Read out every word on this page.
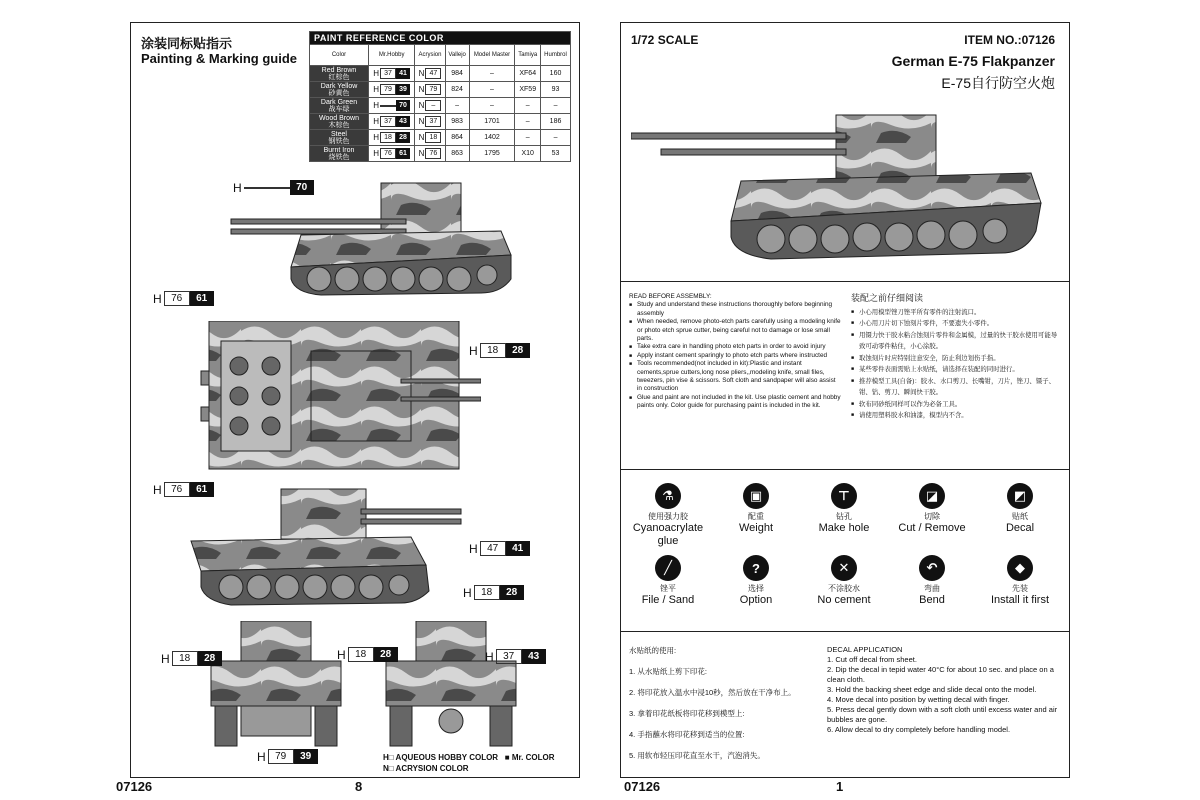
涂装同标贴指示
Painting & Marking guide
PAINT REFERENCE COLOR						
Color	Mr.Hobby	Acrysion	Vallejo	Model Master	Tamiya	Humbrol
Red Brown
红棕色	H 37 41	N 47	984	–	XF64	160
Dark Yellow
砂黄色	H 79 39	N 79	824	–	XF59	93
Dark Green
战车绿	H 70	N –	–	–	–	–
Wood Brown
木棕色	H 37 43	N 37	983	1701	–	186
Steel
钢铁色	H 18 28	N 18	864	1402	–	–
Burnt Iron
烧铁色	H 76 61	N 76	863	1795	X10	53
H	70
H 76	61
H 18	28
H 76	61
H 47	41
H 18	28
H 18	28	H 18	28	H 37	43
H 79	39	H□ AQUEOUS HOBBY COLOR   ■ Mr. COLOR
N□ ACRYSION COLOR
07126	8
1/72 SCALE	ITEM NO.:07126
German E-75 Flakpanzer
E-75自行防空火炮
READ BEFORE ASSEMBLY:
■ Study and understand these instructions thoroughly before beginning assembly
■ When needed, remove photo-etch parts carefully using a modeling knife or photo etch sprue cutter, being careful not to damage or lose small parts.
■ Take extra care in handling photo etch parts in order to avoid injury
■ Apply instant cement sparingly to photo etch parts where instructed
■ Tools recommended(not included in kit):Plastic and instant cements,sprue cutters,long nose pliers,,modeling knife, small files, tweezers, pin vise & scissors. Soft cloth and sandpaper will also assist in construction
■ Glue and paint are not included in the kit. Use plastic cement and hobby paints only. Color guide for purchasing paint is included in the kit.
装配之前仔细阅读
■ 小心用模型锉刀锉平所有零件的注射流口。
■ 小心用刀片切下蚀刻片零件，不要遗失小零件。
■ 用镊力快干胶水粘合蚀刻片零件和金属模，过量的快干胶水使用可能导致可动零件粘住，小心涂胶。
■ 取蚀刻片时应特别注意安全，防止利边划伤手指。
■ 某些零件表面需贴上水贴纸，请选择在装配的同时进行。
■ 推荐模型工具(自备)：胶水、水口剪刀、长嘴钳，刀片，锉刀、镊子、钳、钻、剪刀、瞬间快干胶。
■ 软布同砂纸同样可以作为必备工具。
■ 请使用塑料胶水和油漆，模型内不含。
⚗
使用强力胶
Cyanoacrylate glue
▣
配重
Weight
⊤
钻孔
Make hole
◪
切除
Cut / Remove
◩
贴纸
Decal
╱
锉平
File / Sand
?
选择
Option
✕
不涂胶水
No cement
↶
弯曲
Bend
◆
先装
Install it first
水贴纸的使用:
1. 从水贴纸上剪下印花:
2. 将印花放入温水中浸10秒，然后放在干净布上。
3. 拿着印花纸板将印花移到模型上:
4. 手指蘸水将印花移到适当的位置:
5. 用软布轻压印花直至水干，汽泡消失。
DECAL APPLICATION
1. Cut off decal from sheet.
2. Dip the decal in tepid water 40°C for about 10 sec. and place on a clean cloth.
3. Hold the backing sheet edge and slide decal onto the model.
4. Move decal into position by wetting decal with finger.
5. Press decal gently down with a soft cloth until excess water and air bubbles are gone.
6. Allow decal to dry completely before handling model.
07126	1
